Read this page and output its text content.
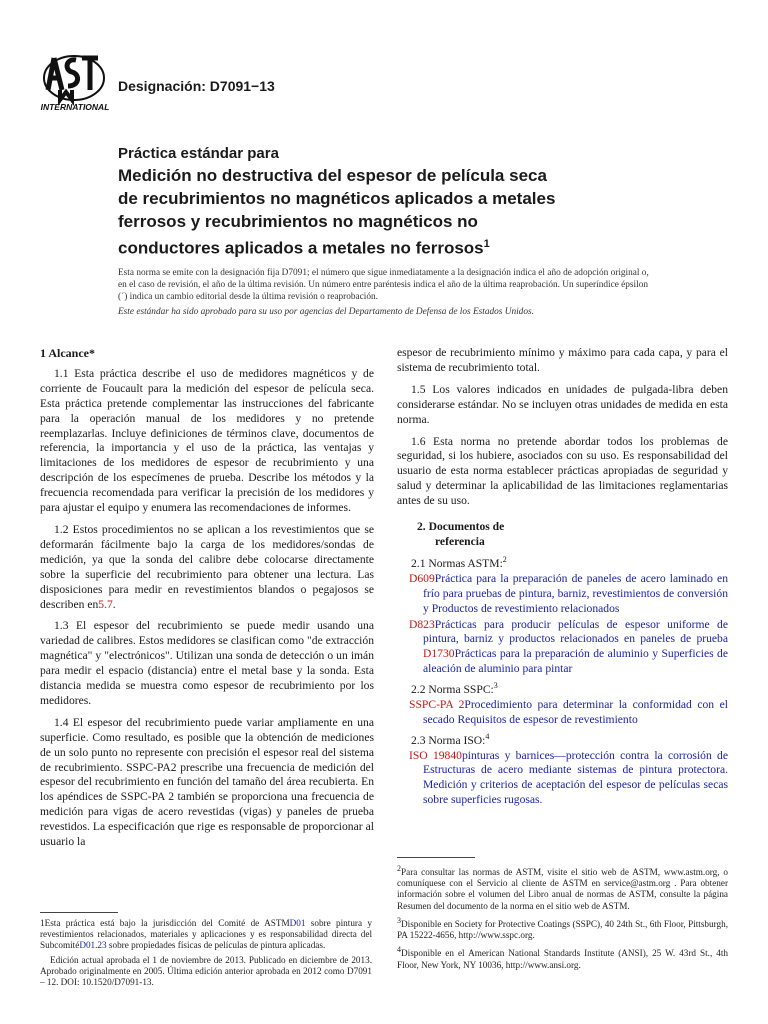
INTERNATIONAL
Designación: D7091−13
Práctica estándar para
Medición no destructiva del espesor de película seca
de recubrimientos no magnéticos aplicados a metales
ferrosos y recubrimientos no magnéticos no
conductores aplicados a metales no ferrosos$^1$
Esta norma se emite con la designación fija D7091; el número que sigue inmediatamente a la designación indica el año de adopción original o, en el caso de revisión, el año de la última revisión. Un número entre paréntesis indica el año de la última reaprobación. Un superíndice épsilon (´) indica un cambio editorial desde la última revisión o reaprobación.
Este estándar ha sido aprobado para su uso por agencias del Departamento de Defensa de los Estados Unidos.
1 Alcance*

1.1 Esta práctica describe el uso de medidores magnéticos y de corriente de Foucault para la medición del espesor de película seca. Esta práctica pretende complementar las instrucciones del fabricante para la operación manual de los medidores y no pretende reemplazarlas. Incluye definiciones de términos clave, documentos de referencia, la importancia y el uso de la práctica, las ventajas y limitaciones de los medidores de espesor de recubrimiento y una descripción de los especímenes de prueba. Describe los métodos y la frecuencia recomendada para verificar la precisión de los medidores y para ajustar el equipo y enumera las recomendaciones de informes.

1.2 Estos procedimientos no se aplican a los revestimientos que se deformarán fácilmente bajo la carga de los medidores/sondas de medición, ya que la sonda del calibre debe colocarse directamente sobre la superficie del recubrimiento para obtener una lectura. Las disposiciones para medir en revestimientos blandos o pegajosos se describen en5.7.

1.3 El espesor del recubrimiento se puede medir usando una variedad de calibres. Estos medidores se clasifican como "de extracción magnética" y "electrónicos". Utilizan una sonda de detección o un imán para medir el espacio (distancia) entre el metal base y la sonda. Esta distancia medida se muestra como espesor de recubrimiento por los medidores.

1.4 El espesor del recubrimiento puede variar ampliamente en una superficie. Como resultado, es posible que la obtención de mediciones de un solo punto no represente con precisión el espesor real del sistema de recubrimiento. SSPC-PA2 prescribe una frecuencia de medición del espesor del recubrimiento en función del tamaño del área recubierta. En los apéndices de SSPC-PA 2 también se proporciona una frecuencia de medición para vigas de acero revestidas (vigas) y paneles de prueba revestidos. La especificación que rige es responsable de proporcionar al usuario la

espesor de recubrimiento mínimo y máximo para cada capa, y para el sistema de recubrimiento total.

1.5 Los valores indicados en unidades de pulgada-libra deben considerarse estándar. No se incluyen otras unidades de medida en esta norma.

1.6 Esta norma no pretende abordar todos los problemas de seguridad, si los hubiere, asociados con su uso. Es responsabilidad del usuario de esta norma establecer prácticas apropiadas de seguridad y salud y determinar la aplicabilidad de las limitaciones reglamentarias antes de su uso.

2. Documentos de
referencia
2.1 Normas ASTM:$^2$
D609Práctica para la preparación de paneles de acero laminado en frío para pruebas de pintura, barniz, revestimientos de conversión y Productos de revestimiento relacionados
D823Prácticas para producir películas de espesor uniforme de pintura, barniz y productos relacionados en paneles de prueba D1730Prácticas para la preparación de aluminio y Superficies de aleación de aluminio para pintar
2.2 Norma SSPC:$^3$
SSPC-PA 2Procedimiento para determinar la conformidad con el secado Requisitos de espesor de revestimiento
2.3 Norma ISO:$^4$
ISO 19840pinturas y barnices—protección contra la corrosión de Estructuras de acero mediante sistemas de pintura protectora. Medición y criterios de aceptación del espesor de películas secas sobre superficies rugosas.

1Esta práctica está bajo la jurisdicción del Comité de ASTMD01 sobre pintura y revestimientos relacionados, materiales y aplicaciones y es responsabilidad directa del SubcomitéD01.23 sobre propiedades físicas de películas de pintura aplicadas.

Edición actual aprobada el 1 de noviembre de 2013. Publicado en diciembre de 2013. Aprobado originalmente en 2005. Última edición anterior aprobada en 2012 como D7091 – 12. DOI: 10.1520/D7091-13.

2Para consultar las normas de ASTM, visite el sitio web de ASTM, www.astm.org, o comuníquese con el Servicio al cliente de ASTM en service@astm.org . Para obtener información sobre el volumen del Libro anual de normas de ASTM, consulte la página Resumen del documento de la norma en el sitio web de ASTM.

3Disponible en Society for Protective Coatings (SSPC), 40 24th St., 6th Floor, Pittsburgh, PA 15222-4656, http://www.sspc.org.

4Disponible en el American National Standards Institute (ANSI), 25 W. 43rd St., 4th Floor, New York, NY 10036, http://www.ansi.org.
